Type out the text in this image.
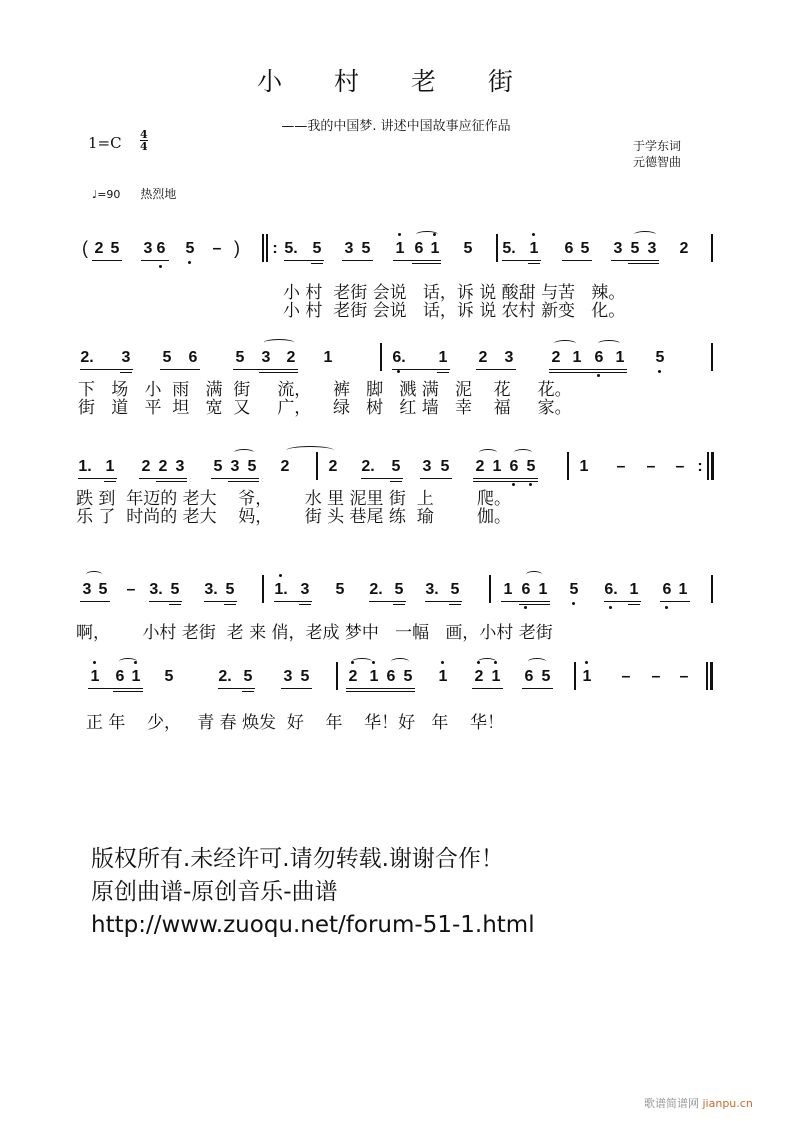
小 村 老 街
——我的中国梦. 讲述中国故事应征作品
$1=C \frac{4}{4}$	于学东词
元德智曲
♩=90 热烈地
( 2 5 3 6 5 – ) : 5. 5 3 5 1 6 1 5 5. 1 6 5 3 5 3 2
小 村 老街 会说 话，诉 说 酸甜 与苦 辣。
小 村 老街 会说 话，诉 说 农村 新变 化。
2. 3 5 6 5 3 2 1	6. 1 2 3 2 1 6 1 5
下 场 小 雨 满 街 流， 裤 脚 溅 满 泥 花 花。
街 道 平 坦 宽 又 广， 绿 树 红 墙 幸 福 家。
1. 1 2 2 3 5 3 5 2 2 2. 5 3 5 2 1 6 5	1 – – – :
跌 到 年迈的 老大 爷， 水 里 泥里 街 上	爬。
乐 了 时尚的 老大 妈， 街 头 巷尾 练 瑜	伽。
3 5 – 3. 5 3. 5 1. 3 5 2. 5 3. 5	1 6 1 5 6. 1 6 1
啊， 小村 老街 老 来 俏，老成 梦中 一幅 画，小村 老街
1 6 1 5	2. 5 3 5 2 1 6 5 1 2 1 6 5 1 – – –
正 年 少， 青 春 焕发 好 年 华！好 年 华！
版权所有.未经许可.请勿转载.谢谢合作！
原创曲谱-原创音乐-曲谱
http://www.zuoqu.net/forum-51-1.html
歌谱简谱网 jianpu.cn
